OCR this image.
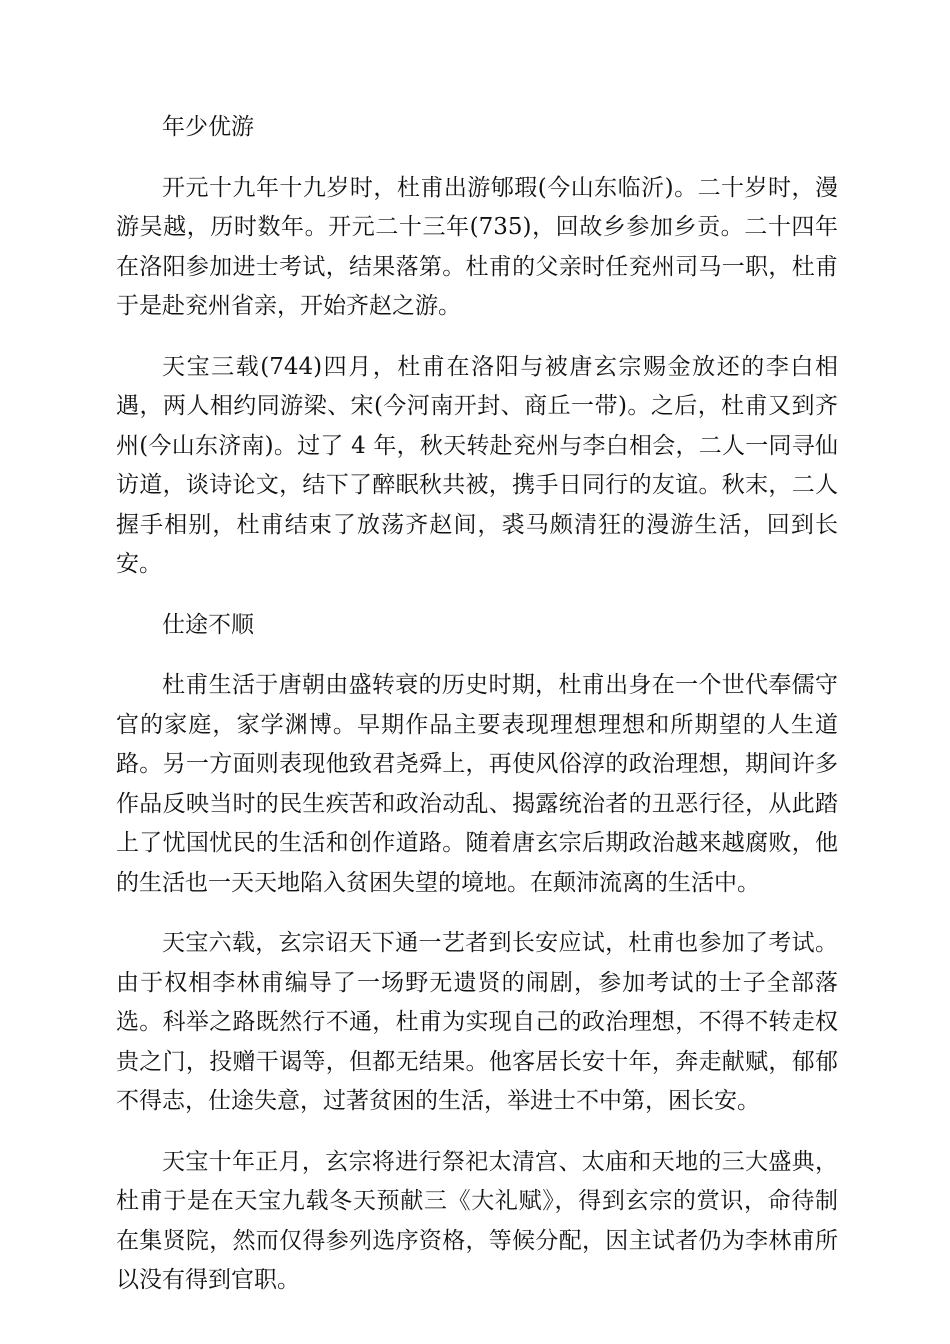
年少优游

开元十九年十九岁时，杜甫出游郇瑕(今山东临沂)。二十岁时，漫游吴越，历时数年。开元二十三年(735)，回故乡参加乡贡。二十四年在洛阳参加进士考试，结果落第。杜甫的父亲时任兖州司马一职，杜甫于是赴兖州省亲，开始齐赵之游。

天宝三载(744)四月，杜甫在洛阳与被唐玄宗赐金放还的李白相遇，两人相约同游梁、宋(今河南开封、商丘一带)。之后，杜甫又到齐州(今山东济南)。过了 4 年，秋天转赴兖州与李白相会，二人一同寻仙访道，谈诗论文，结下了醉眠秋共被，携手日同行的友谊。秋末，二人握手相别，杜甫结束了放荡齐赵间，裘马颇清狂的漫游生活，回到长安。

仕途不顺

杜甫生活于唐朝由盛转衰的历史时期，杜甫出身在一个世代奉儒守官的家庭，家学渊博。早期作品主要表现理想理想和所期望的人生道路。另一方面则表现他致君尧舜上，再使风俗淳的政治理想，期间许多作品反映当时的民生疾苦和政治动乱、揭露统治者的丑恶行径，从此踏上了忧国忧民的生活和创作道路。随着唐玄宗后期政治越来越腐败，他的生活也一天天地陷入贫困失望的境地。在颠沛流离的生活中。

天宝六载，玄宗诏天下通一艺者到长安应试，杜甫也参加了考试。由于权相李林甫编导了一场野无遗贤的闹剧，参加考试的士子全部落选。科举之路既然行不通，杜甫为实现自己的政治理想，不得不转走权贵之门，投赠干谒等，但都无结果。他客居长安十年，奔走献赋，郁郁不得志，仕途失意，过著贫困的生活，举进士不中第，困长安。

天宝十年正月，玄宗将进行祭祀太清宫、太庙和天地的三大盛典，杜甫于是在天宝九载冬天预献三《大礼赋》，得到玄宗的赏识，命待制在集贤院，然而仅得参列选序资格，等候分配，因主试者仍为李林甫所以没有得到官职。
